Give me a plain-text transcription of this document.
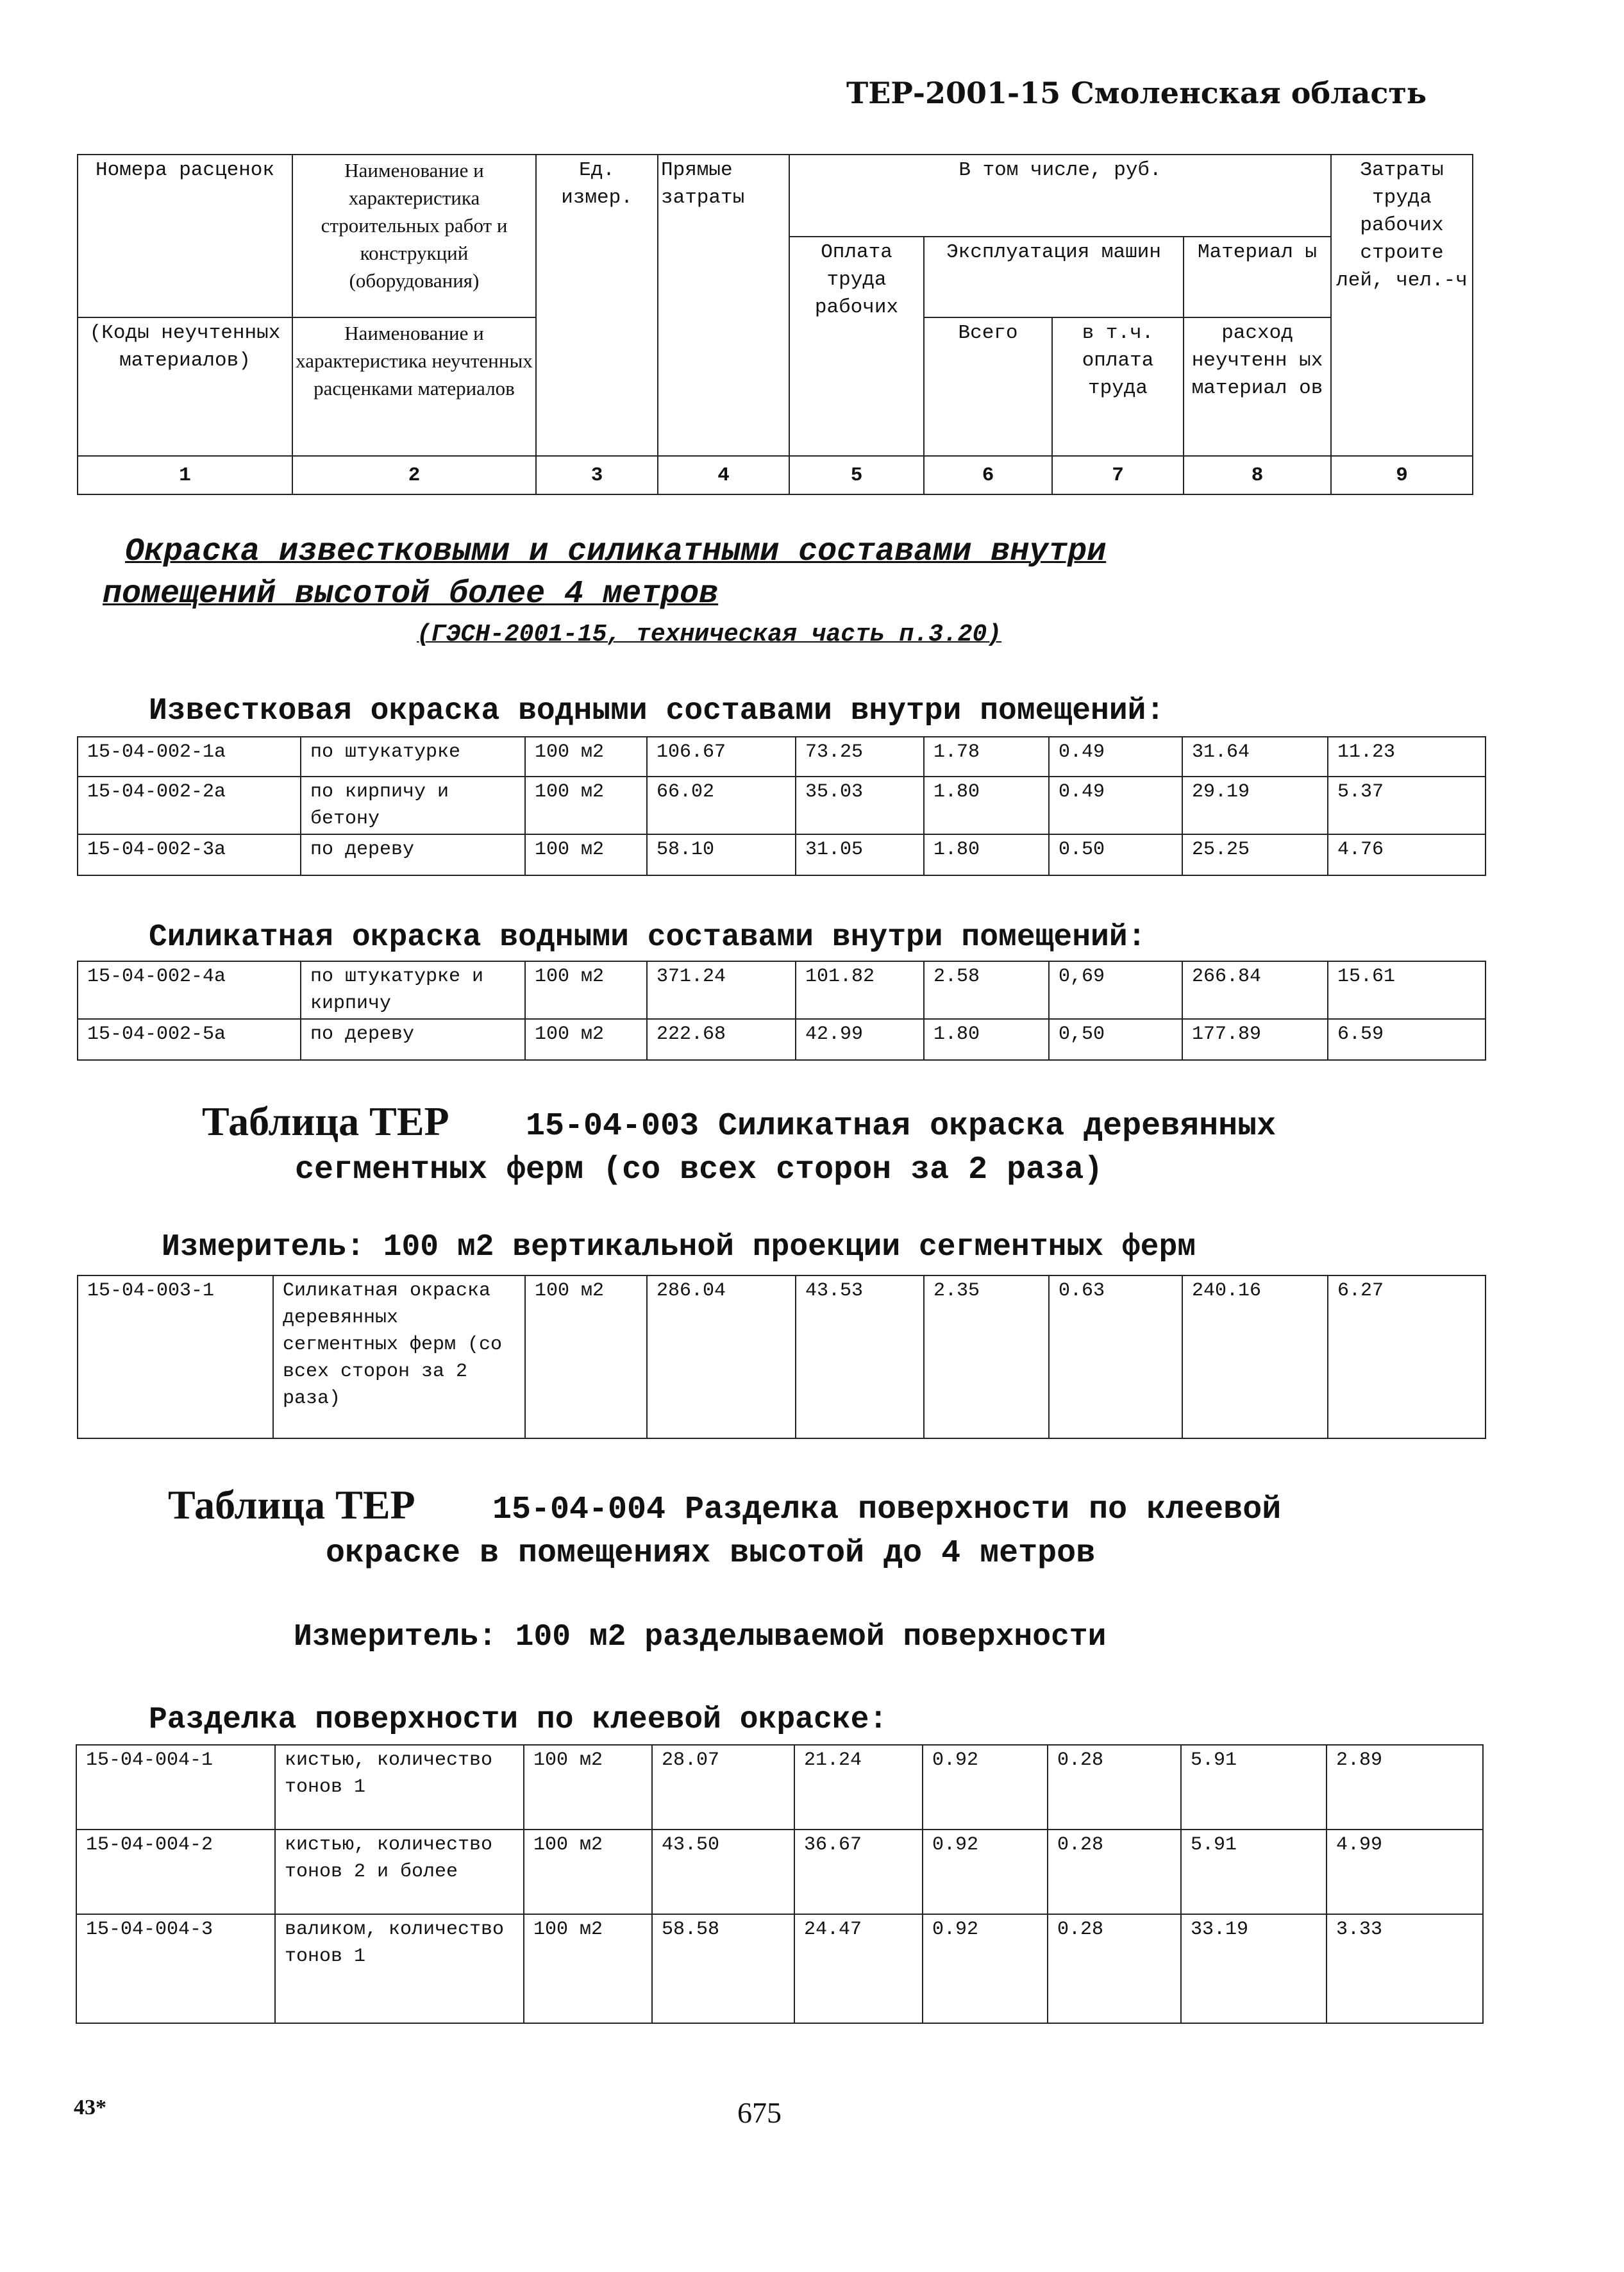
ТЕР-2001-15 Смоленская область
Номера расценок	Наименование и характеристика строительных работ и конструкций (оборудования)	Ед. измер.	Прямые затраты	В том числе, руб.				Затраты труда рабочих строите лей, чел.-ч
				Оплата труда рабочих	Эксплуатация машин		Материал ы	
(Коды неучтенных материалов)	Наименование и характеристика неучтенных расценками материалов				Всего	в т.ч. оплата труда	расход неучтенн ых материал ов	
1	2	3	4	5	6	7	8	9
Окраска известковыми и силикатными составами внутри
помещений высотой более 4 метров
(ГЭСН-2001-15, техническая часть п.3.20)
Известковая окраска водными составами внутри помещений:
15-04-002-1а	по штукатурке	100 м2	106.67	73.25	1.78	0.49	31.64	11.23
15-04-002-2а	по кирпичу и бетону	100 м2	66.02	35.03	1.80	0.49	29.19	5.37
15-04-002-3а	по дереву	100 м2	58.10	31.05	1.80	0.50	25.25	4.76
Силикатная окраска водными составами внутри помещений:
15-04-002-4а	по штукатурке и кирпичу	100 м2	371.24	101.82	2.58	0,69	266.84	15.61
15-04-002-5а	по дереву	100 м2	222.68	42.99	1.80	0,50	177.89	6.59
Таблица ТЕР 15-04-003 Силикатная окраска деревянных
сегментных ферм (со всех сторон за 2 раза)
Измеритель: 100 м2 вертикальной проекции сегментных ферм
15-04-003-1	Силикатная окраска деревянных сегментных ферм (со всех сторон за 2 раза)	100 м2	286.04	43.53	2.35	0.63	240.16	6.27
Таблица ТЕР 15-04-004 Разделка поверхности по клеевой
окраске в помещениях высотой до 4 метров
Измеритель: 100 м2 разделываемой поверхности
Разделка поверхности по клеевой окраске:
15-04-004-1	кистью, количество тонов 1	100 м2	28.07	21.24	0.92	0.28	5.91	2.89
15-04-004-2	кистью, количество тонов 2 и более	100 м2	43.50	36.67	0.92	0.28	5.91	4.99
15-04-004-3	валиком, количество тонов 1	100 м2	58.58	24.47	0.92	0.28	33.19	3.33
43*	675
